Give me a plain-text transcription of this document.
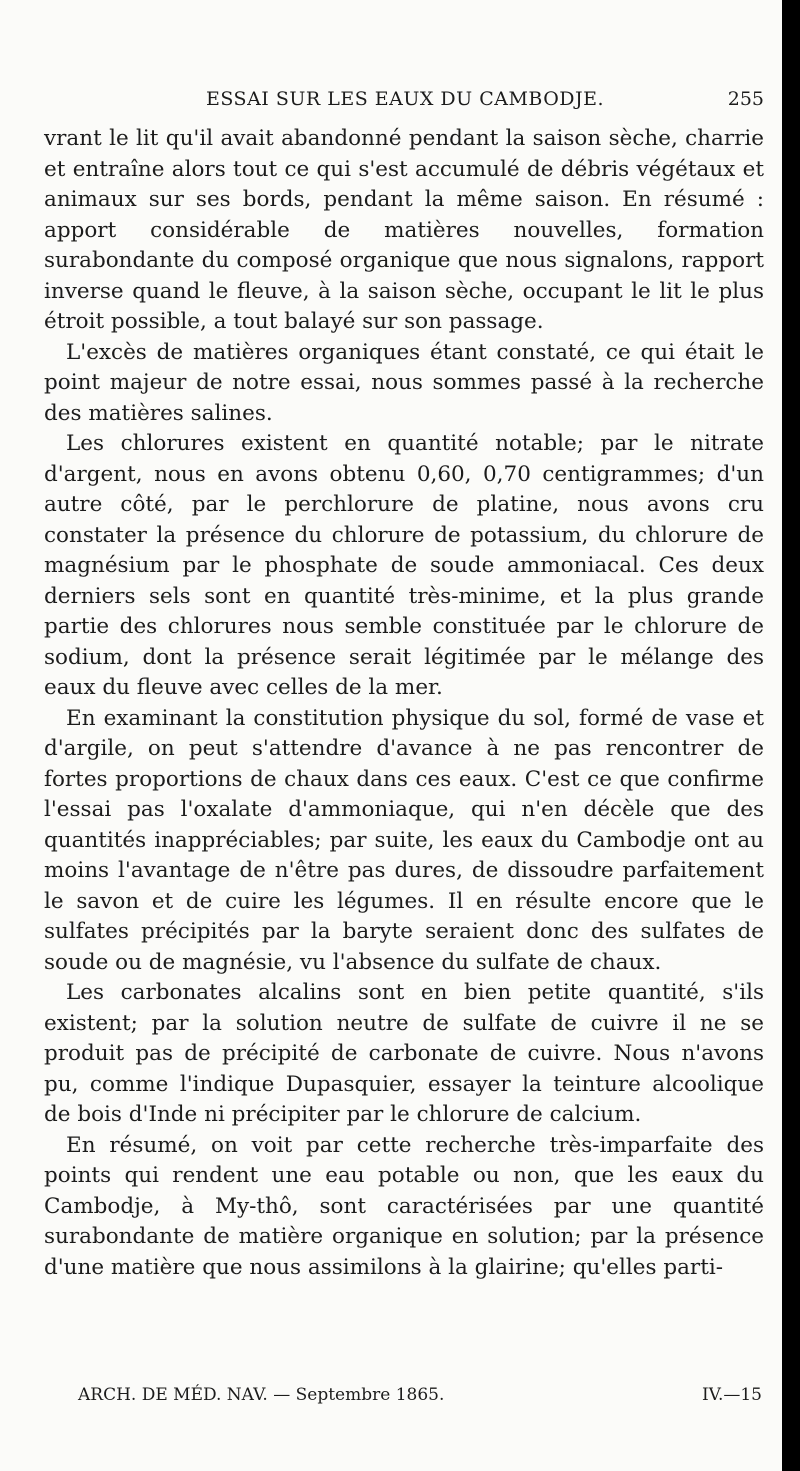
ESSAI SUR LES EAUX DU CAMBODJE.	255

vrant le lit qu'il avait abandonné pendant la saison sèche, charrie et entraîne alors tout ce qui s'est accumulé de débris végétaux et animaux sur ses bords, pendant la même saison. En résumé : apport considérable de matières nouvelles, formation surabondante du composé organique que nous signalons, rapport inverse quand le fleuve, à la saison sèche, occupant le lit le plus étroit possible, a tout balayé sur son passage.

L'excès de matières organiques étant constaté, ce qui était le point majeur de notre essai, nous sommes passé à la recherche des matières salines.

Les chlorures existent en quantité notable; par le nitrate d'argent, nous en avons obtenu 0,60, 0,70 centigrammes; d'un autre côté, par le perchlorure de platine, nous avons cru constater la présence du chlorure de potassium, du chlorure de magnésium par le phosphate de soude ammoniacal. Ces deux derniers sels sont en quantité très-minime, et la plus grande partie des chlorures nous semble constituée par le chlorure de sodium, dont la présence serait légitimée par le mélange des eaux du fleuve avec celles de la mer.

En examinant la constitution physique du sol, formé de vase et d'argile, on peut s'attendre d'avance à ne pas rencontrer de fortes proportions de chaux dans ces eaux. C'est ce que confirme l'essai pas l'oxalate d'ammoniaque, qui n'en décèle que des quantités inappréciables; par suite, les eaux du Cambodje ont au moins l'avantage de n'être pas dures, de dissoudre parfaitement le savon et de cuire les légumes. Il en résulte encore que le sulfates précipités par la baryte seraient donc des sulfates de soude ou de magnésie, vu l'absence du sulfate de chaux.

Les carbonates alcalins sont en bien petite quantité, s'ils existent; par la solution neutre de sulfate de cuivre il ne se produit pas de précipité de carbonate de cuivre. Nous n'avons pu, comme l'indique Dupasquier, essayer la teinture alcoolique de bois d'Inde ni précipiter par le chlorure de calcium.

En résumé, on voit par cette recherche très-imparfaite des points qui rendent une eau potable ou non, que les eaux du Cambodje, à My-thô, sont caractérisées par une quantité surabondante de matière organique en solution; par la présence d'une matière que nous assimilons à la glairine; qu'elles parti-

ARCH. DE MÉD. NAV. — Septembre 1865.	IV.—15
